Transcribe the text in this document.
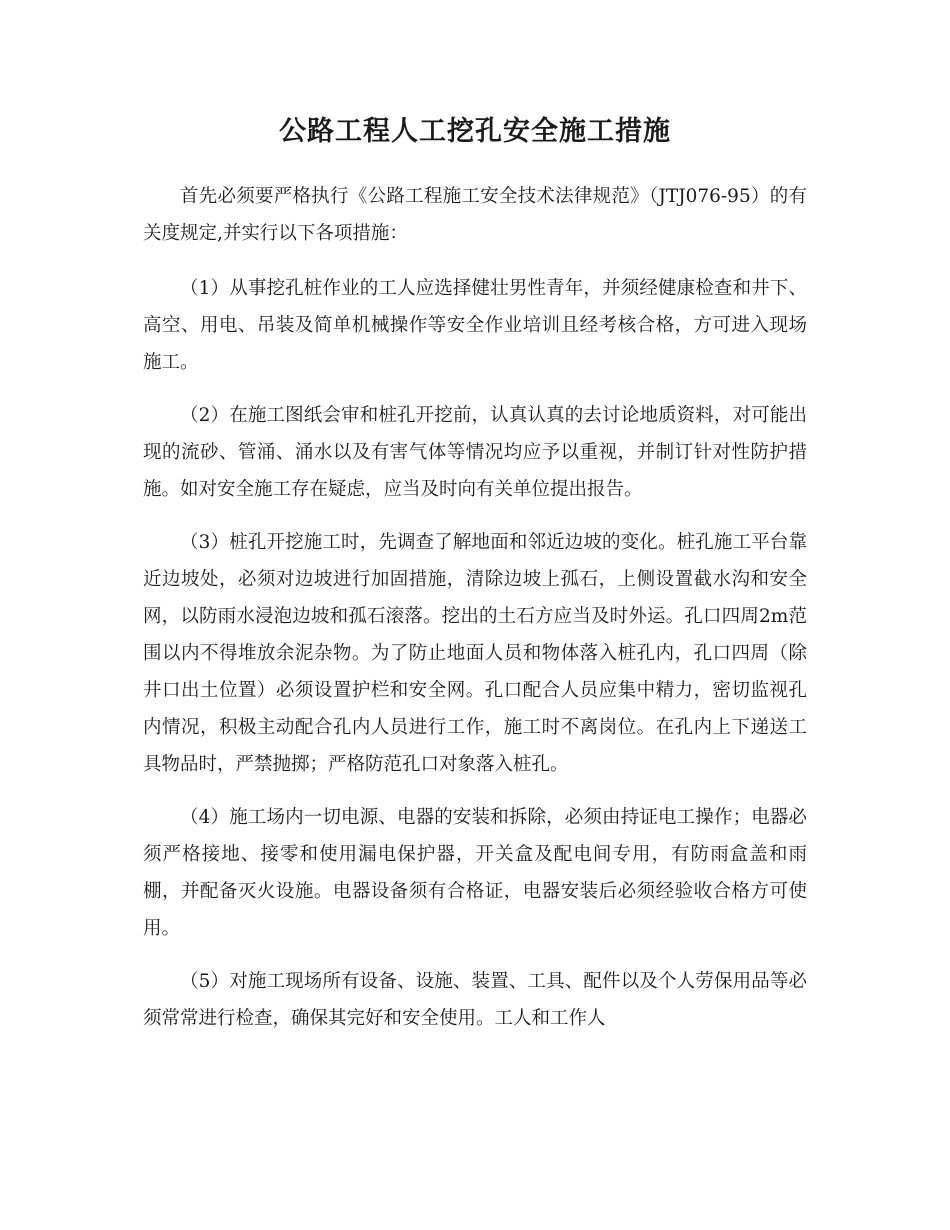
公路工程人工挖孔安全施工措施

首先必须要严格执行《公路工程施工安全技术法律规范》（JTJ076-95）的有关度规定,并实行以下各项措施：

（1）从事挖孔桩作业的工人应选择健壮男性青年，并须经健康检查和井下、高空、用电、吊装及简单机械操作等安全作业培训且经考核合格，方可进入现场施工。

（2）在施工图纸会审和桩孔开挖前，认真认真的去讨论地质资料，对可能出现的流砂、管涌、涌水以及有害气体等情况均应予以重视，并制订针对性防护措施。如对安全施工存在疑虑，应当及时向有关单位提出报告。

（3）桩孔开挖施工时，先调查了解地面和邻近边坡的变化。桩孔施工平台靠近边坡处，必须对边坡进行加固措施，清除边坡上孤石，上侧设置截水沟和安全网，以防雨水浸泡边坡和孤石滚落。挖出的土石方应当及时外运。孔口四周2m范围以内不得堆放余泥杂物。为了防止地面人员和物体落入桩孔内，孔口四周（除井口出土位置）必须设置护栏和安全网。孔口配合人员应集中精力，密切监视孔内情况，积极主动配合孔内人员进行工作，施工时不离岗位。在孔内上下递送工具物品时，严禁抛掷；严格防范孔口对象落入桩孔。

（4）施工场内一切电源、电器的安装和拆除，必须由持证电工操作；电器必须严格接地、接零和使用漏电保护器，开关盒及配电间专用，有防雨盒盖和雨棚，并配备灭火设施。电器设备须有合格证，电器安装后必须经验收合格方可使用。

（5）对施工现场所有设备、设施、装置、工具、配件以及个人劳保用品等必须常常进行检查，确保其完好和安全使用。工人和工作人
